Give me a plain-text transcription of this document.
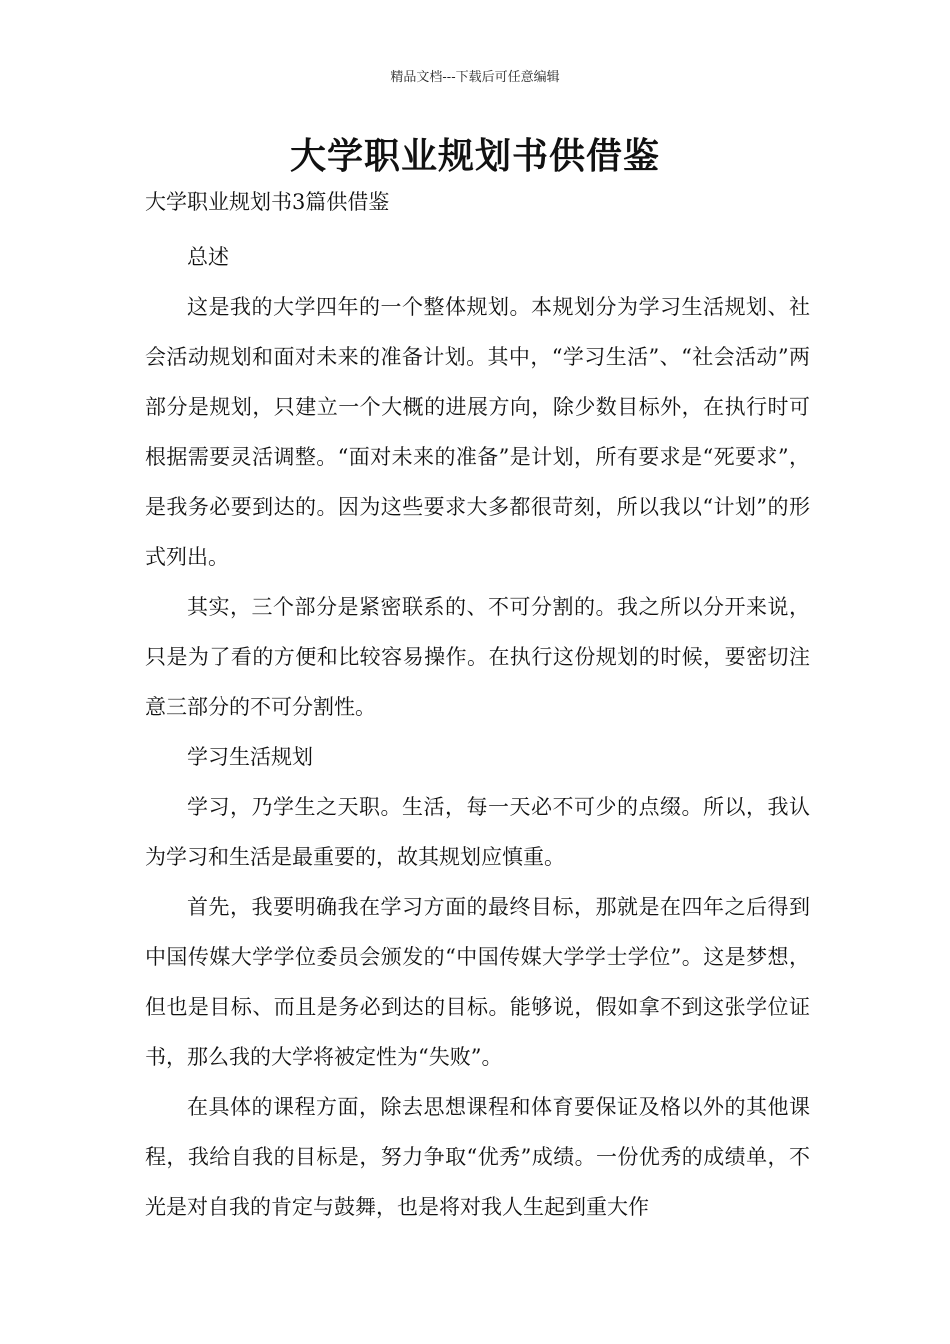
精品文档---下载后可任意编辑
大学职业规划书供借鉴
大学职业规划书3篇供借鉴

总述

这是我的大学四年的一个整体规划。本规划分为学习生活规划、社会活动规划和面对未来的准备计划。其中，“学习生活”、“社会活动”两部分是规划，只建立一个大概的进展方向，除少数目标外，在执行时可根据需要灵活调整。“面对未来的准备”是计划，所有要求是“死要求”，是我务必要到达的。因为这些要求大多都很苛刻，所以我以“计划”的形式列出。

其实，三个部分是紧密联系的、不可分割的。我之所以分开来说，只是为了看的方便和比较容易操作。在执行这份规划的时候，要密切注意三部分的不可分割性。

学习生活规划

学习，乃学生之天职。生活，每一天必不可少的点缀。所以，我认为学习和生活是最重要的，故其规划应慎重。

首先，我要明确我在学习方面的最终目标，那就是在四年之后得到中国传媒大学学位委员会颁发的“中国传媒大学学士学位”。这是梦想，但也是目标、而且是务必到达的目标。能够说，假如拿不到这张学位证书，那么我的大学将被定性为“失败”。

在具体的课程方面，除去思想课程和体育要保证及格以外的其他课程，我给自我的目标是，努力争取“优秀”成绩。一份优秀的成绩单，不光是对自我的肯定与鼓舞，也是将对我人生起到重大作
